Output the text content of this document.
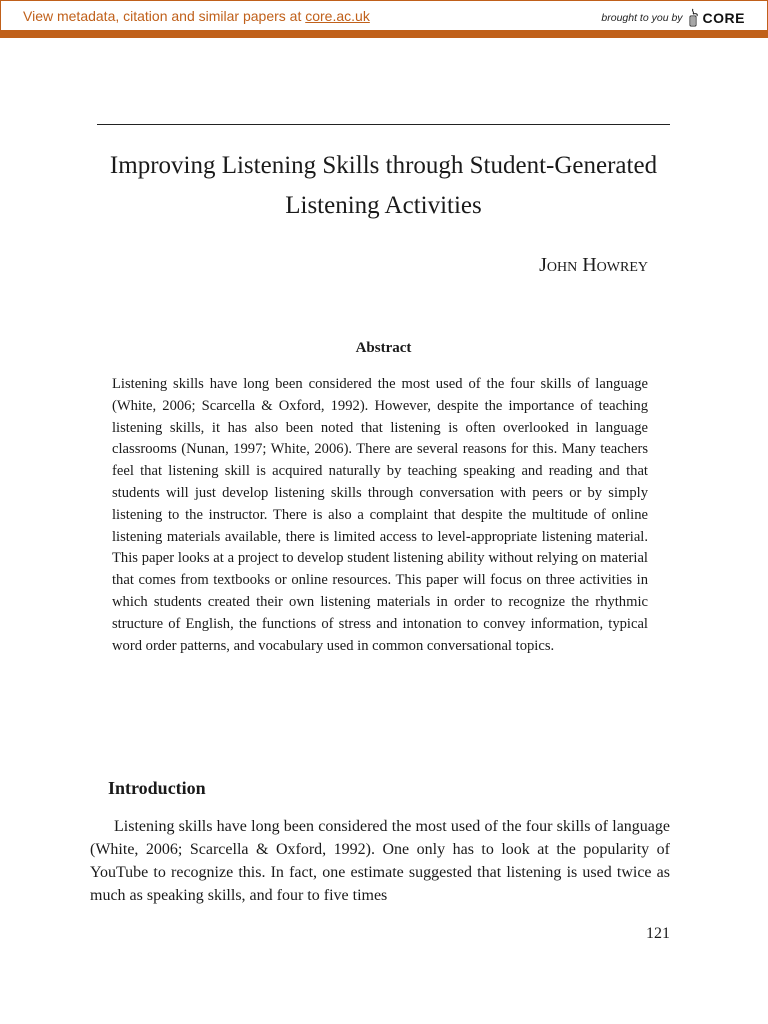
View metadata, citation and similar papers at core.ac.uk	brought to you by CORE
Improving Listening Skills through Student-Generated Listening Activities
John Howrey
Abstract
Listening skills have long been considered the most used of the four skills of language (White, 2006; Scarcella & Oxford, 1992). However, despite the importance of teaching listening skills, it has also been noted that listening is often overlooked in language classrooms (Nunan, 1997; White, 2006). There are several reasons for this. Many teachers feel that listening skill is acquired naturally by teaching speaking and reading and that students will just develop listening skills through conversation with peers or by simply listening to the instructor. There is also a complaint that despite the multitude of online listening materials available, there is limited access to level-appropriate listening material. This paper looks at a project to develop student listening ability without relying on material that comes from textbooks or online resources. This paper will focus on three activities in which students created their own listening materials in order to recognize the rhythmic structure of English, the functions of stress and intonation to convey information, typical word order patterns, and vocabulary used in common conversational topics.
Introduction
Listening skills have long been considered the most used of the four skills of language (White, 2006; Scarcella & Oxford, 1992). One only has to look at the popularity of YouTube to recognize this. In fact, one estimate suggested that listening is used twice as much as speaking skills, and four to five times
121
